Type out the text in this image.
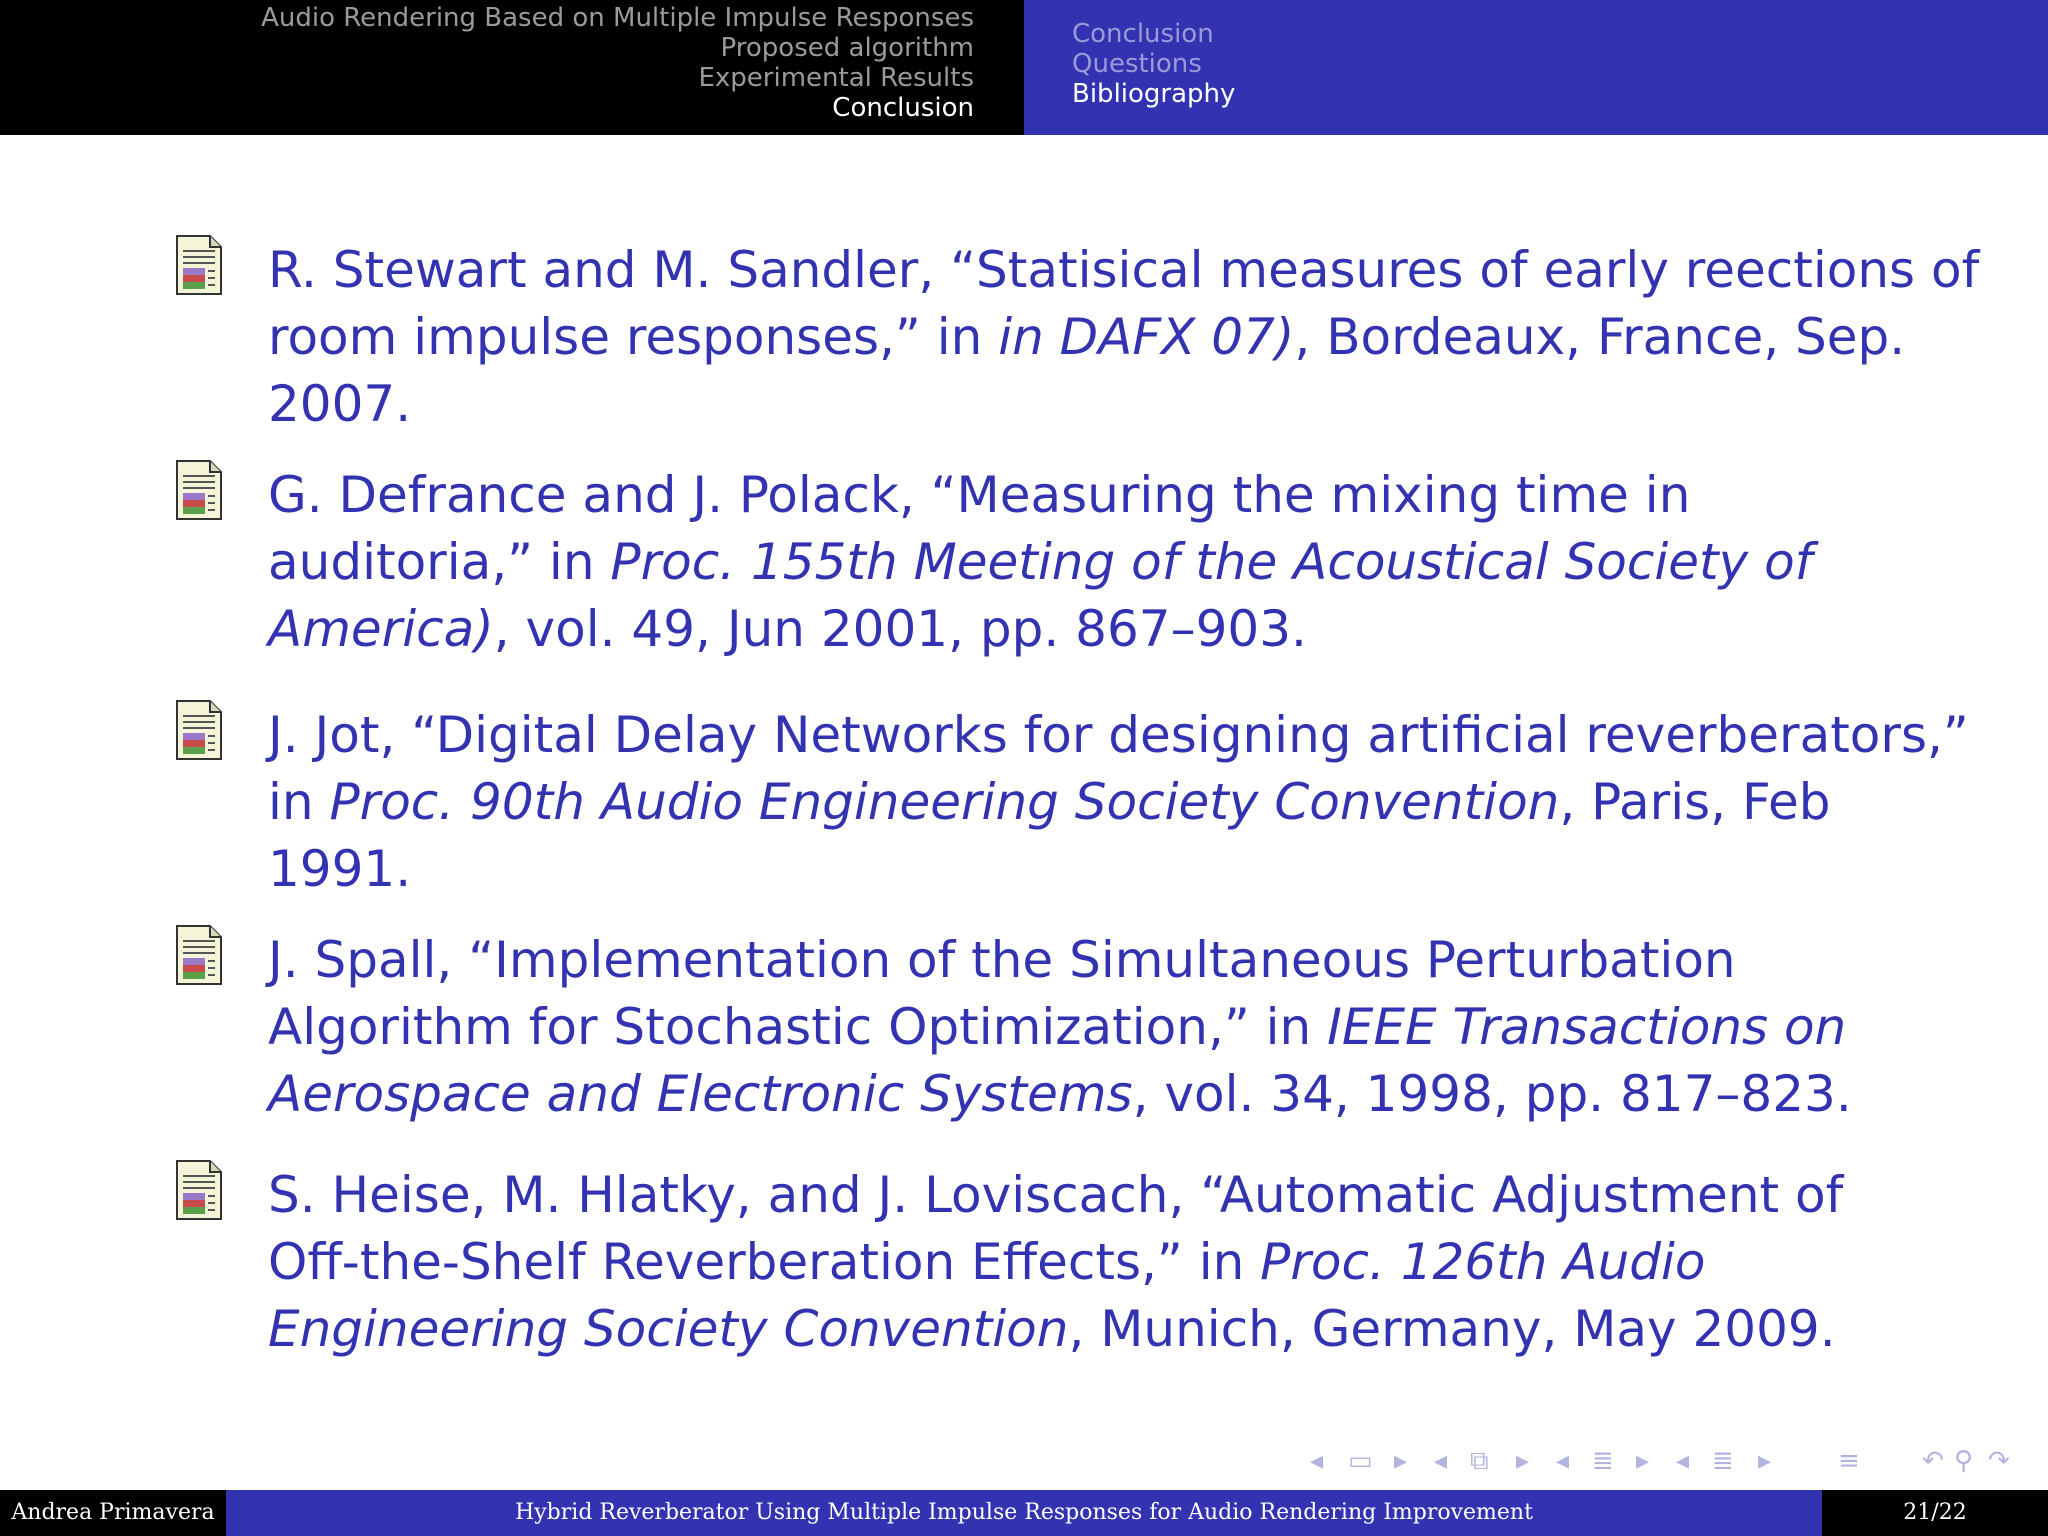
Audio Rendering Based on Multiple Impulse Responses
Proposed algorithm
Experimental Results
Conclusion
Conclusion
Questions
Bibliography
R. Stewart and M. Sandler, “Statisical measures of early reections of
room impulse responses,” in in DAFX 07), Bordeaux, France, Sep.
2007.
G. Defrance and J. Polack, “Measuring the mixing time in
auditoria,” in Proc. 155th Meeting of the Acoustical Society of
America), vol. 49, Jun 2001, pp. 867–903.
J. Jot, “Digital Delay Networks for designing artificial reverberators,”
in Proc. 90th Audio Engineering Society Convention, Paris, Feb
1991.
J. Spall, “Implementation of the Simultaneous Perturbation
Algorithm for Stochastic Optimization,” in IEEE Transactions on
Aerospace and Electronic Systems, vol. 34, 1998, pp. 817–823.
S. Heise, M. Hlatky, and J. Loviscach, “Automatic Adjustment of
Off-the-Shelf Reverberation Effects,” in Proc. 126th Audio
Engineering Society Convention, Munich, Germany, May 2009.
◂ ▭ ▸ ◂ ⧉ ▸ ◂ ≣ ▸ ◂ ≣ ▸	≡ ↶ ⚲ ↷
Andrea Primavera	Hybrid Reverberator Using Multiple Impulse Responses for Audio Rendering Improvement	21/22
